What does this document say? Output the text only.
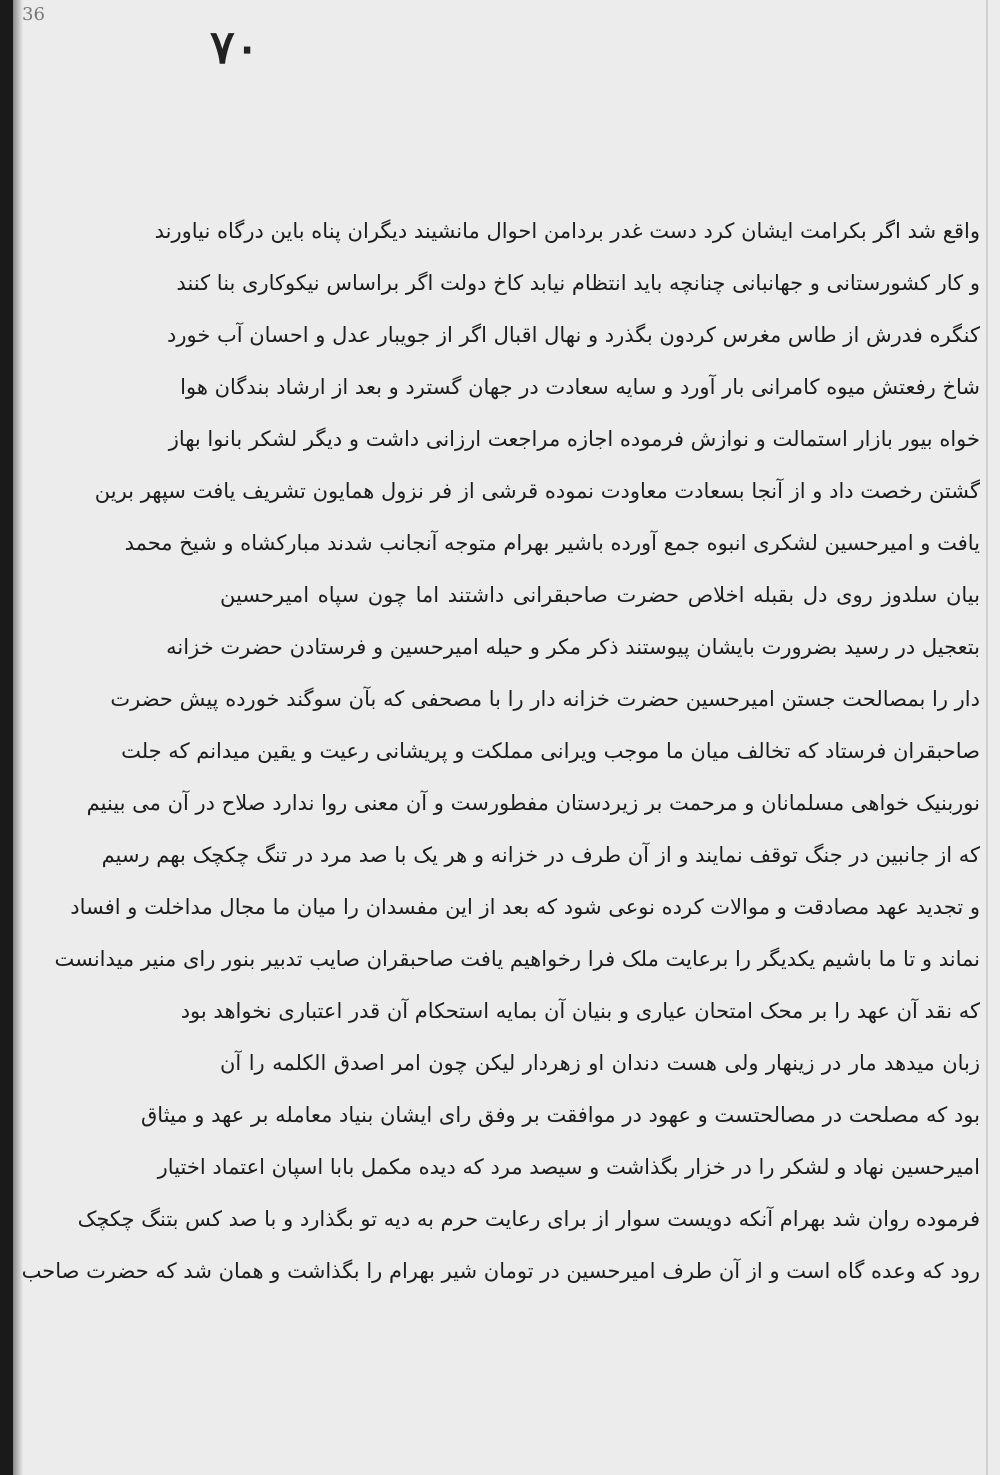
36
۷۰
واقع شد اگر بکرامت ایشان کرد دست غدر بردامن احوال مانشیند دیگران پناه باین درگاه نیاورند
و کار کشورستانی و جهانبانی چنانچه باید انتظام نیابد کاخ دولت اگر براساس نیکوکاری بنا کنند
کنگره فدرش از طاس مغرس کردون بگذرد و نهال اقبال اگر از جویبار عدل و احسان آب خورد
شاخ رفعتش میوه کامرانی بار آورد و سایه سعادت در جهان گسترد و بعد از ارشاد بندگان هوا
خواه بیور بازار استمالت و نوازش فرموده اجازه مراجعت ارزانی داشت و دیگر لشکر بانوا بهاز
گشتن رخصت داد و از آنجا بسعادت معاودت نموده قرشی از فر نزول همایون تشریف یافت سپهر برین
یافت و امیرحسین لشکری انبوه جمع آورده باشیر بهرام متوجه آنجانب شدند مبارکشاه و شیخ محمد
بیان سلدوز روی دل بقبله اخلاص حضرت صاحبقرانی داشتند اما چون سپاه امیرحسین
بتعجیل در رسید بضرورت بایشان پیوستند ذکر مکر و حیله امیرحسین و فرستادن حضرت خزانه
دار را بمصالحت جستن امیرحسین حضرت خزانه دار را با مصحفی که بآن سوگند خورده پیش حضرت
صاحبقران فرستاد که تخالف میان ما موجب ویرانی مملکت و پریشانی رعیت و یقین میدانم که جلت
نوربنیک خواهی مسلمانان و مرحمت بر زیردستان مفطورست و آن معنی روا ندارد صلاح در آن می بینیم
که از جانبین در جنگ توقف نمایند و از آن طرف در خزانه و هر یک با صد مرد در تنگ چکچک بهم رسیم
و تجدید عهد مصادقت و موالات کرده نوعی شود که بعد از این مفسدان را میان ما مجال مداخلت و افساد
نماند و تا ما باشیم یکدیگر را برعایت ملک فرا رخواهیم یافت صاحبقران صایب تدبیر بنور رای منیر میدانست
که نقد آن عهد را بر محک امتحان عیاری و بنیان آن بمایه استحکام آن قدر اعتباری نخواهد بود
زبان میدهد مار در زینهار ولی هست دندان او زهردار لیکن چون امر اصدق الکلمه را آن
بود که مصلحت در مصالحتست و عهود در موافقت بر وفق رای ایشان بنیاد معامله بر عهد و میثاق
امیرحسین نهاد و لشکر را در خزار بگذاشت و سیصد مرد که دیده مکمل بابا اسپان اعتماد اختیار
فرموده روان شد بهرام آنکه دویست سوار از برای رعایت حرم به دیه تو بگذارد و با صد کس بتنگ چکچک
رود که وعده گاه است و از آن طرف امیرحسین در تومان شیر بهرام را بگذاشت و همان شد که حضرت صاحب
